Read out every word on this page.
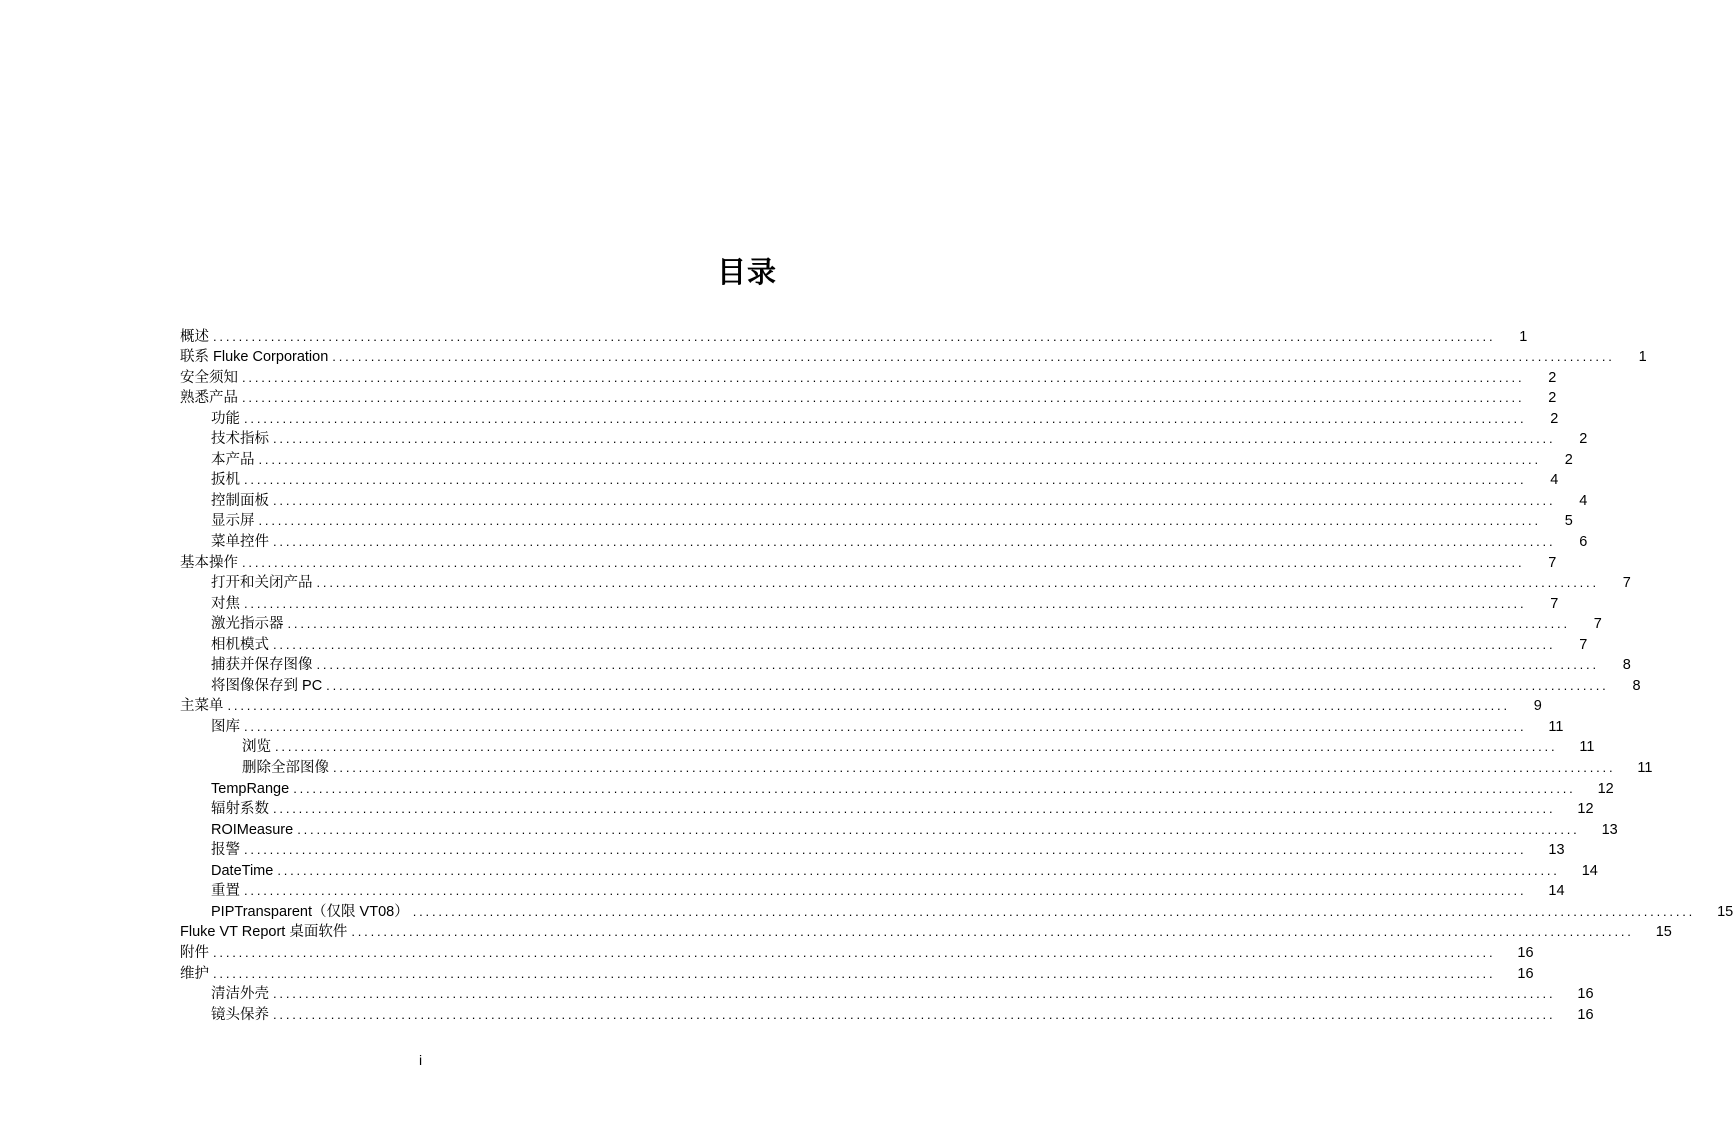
目录
概述 ........................................................................................................................................................................................................ 1
联系 Fluke Corporation ........................................................................................................................................................................................................ 1
安全须知 ........................................................................................................................................................................................................ 2
熟悉产品 ........................................................................................................................................................................................................ 2
功能 ........................................................................................................................................................................................................ 2
技术指标 ........................................................................................................................................................................................................ 2
本产品 ........................................................................................................................................................................................................ 2
扳机 ........................................................................................................................................................................................................ 4
控制面板 ........................................................................................................................................................................................................ 4
显示屏 ........................................................................................................................................................................................................ 5
菜单控件 ........................................................................................................................................................................................................ 6
基本操作 ........................................................................................................................................................................................................ 7
打开和关闭产品 ........................................................................................................................................................................................................ 7
对焦 ........................................................................................................................................................................................................ 7
激光指示器 ........................................................................................................................................................................................................ 7
相机模式 ........................................................................................................................................................................................................ 7
捕获并保存图像 ........................................................................................................................................................................................................ 8
将图像保存到 PC ........................................................................................................................................................................................................ 8
主菜单 ........................................................................................................................................................................................................ 9
图库 ........................................................................................................................................................................................................ 11
浏览 ........................................................................................................................................................................................................ 11
删除全部图像 ........................................................................................................................................................................................................ 11
TempRange ........................................................................................................................................................................................................ 12
辐射系数 ........................................................................................................................................................................................................ 12
ROIMeasure ........................................................................................................................................................................................................ 13
报警 ........................................................................................................................................................................................................ 13
DateTime ........................................................................................................................................................................................................ 14
重置 ........................................................................................................................................................................................................ 14
PIPTransparent（仅限 VT08） ........................................................................................................................................................................................................ 15
Fluke VT Report 桌面软件 ........................................................................................................................................................................................................ 15
附件 ........................................................................................................................................................................................................ 16
维护 ........................................................................................................................................................................................................ 16
清洁外壳 ........................................................................................................................................................................................................ 16
镜头保养 ........................................................................................................................................................................................................ 16
i
